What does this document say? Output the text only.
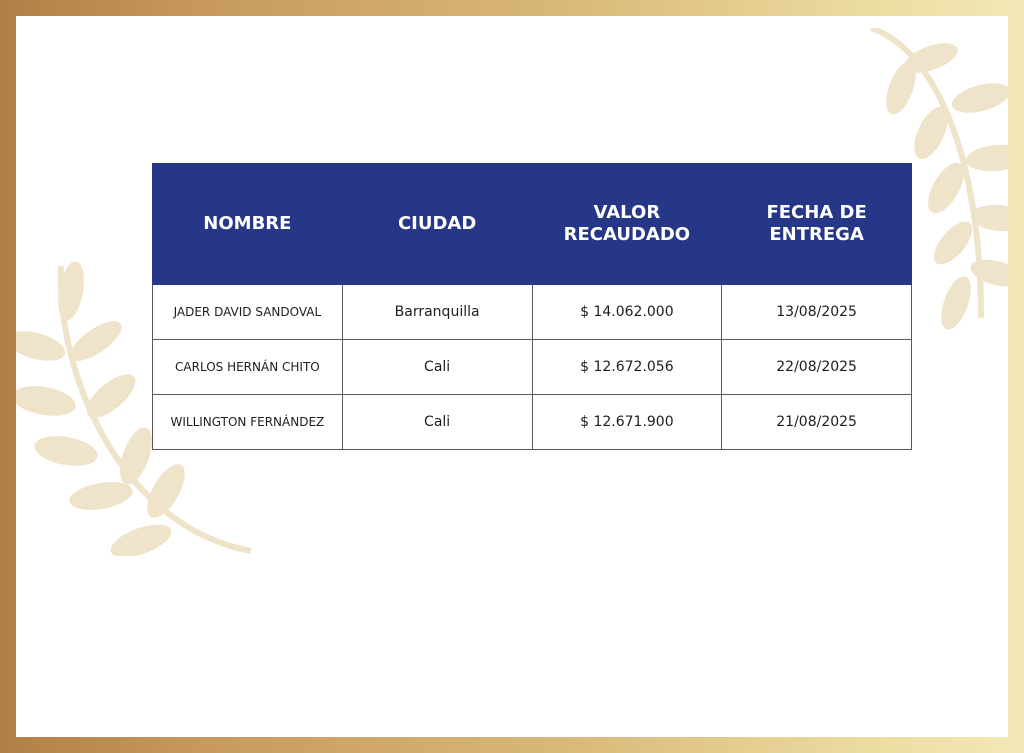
NOMBRE	CIUDAD	VALOR RECAUDADO	FECHA DE ENTREGA
JADER DAVID SANDOVAL	Barranquilla	$ 14.062.000	13/08/2025
CARLOS HERNÁN CHITO	Cali	$ 12.672.056	22/08/2025
WILLINGTON FERNÁNDEZ	Cali	$ 12.671.900	21/08/2025
